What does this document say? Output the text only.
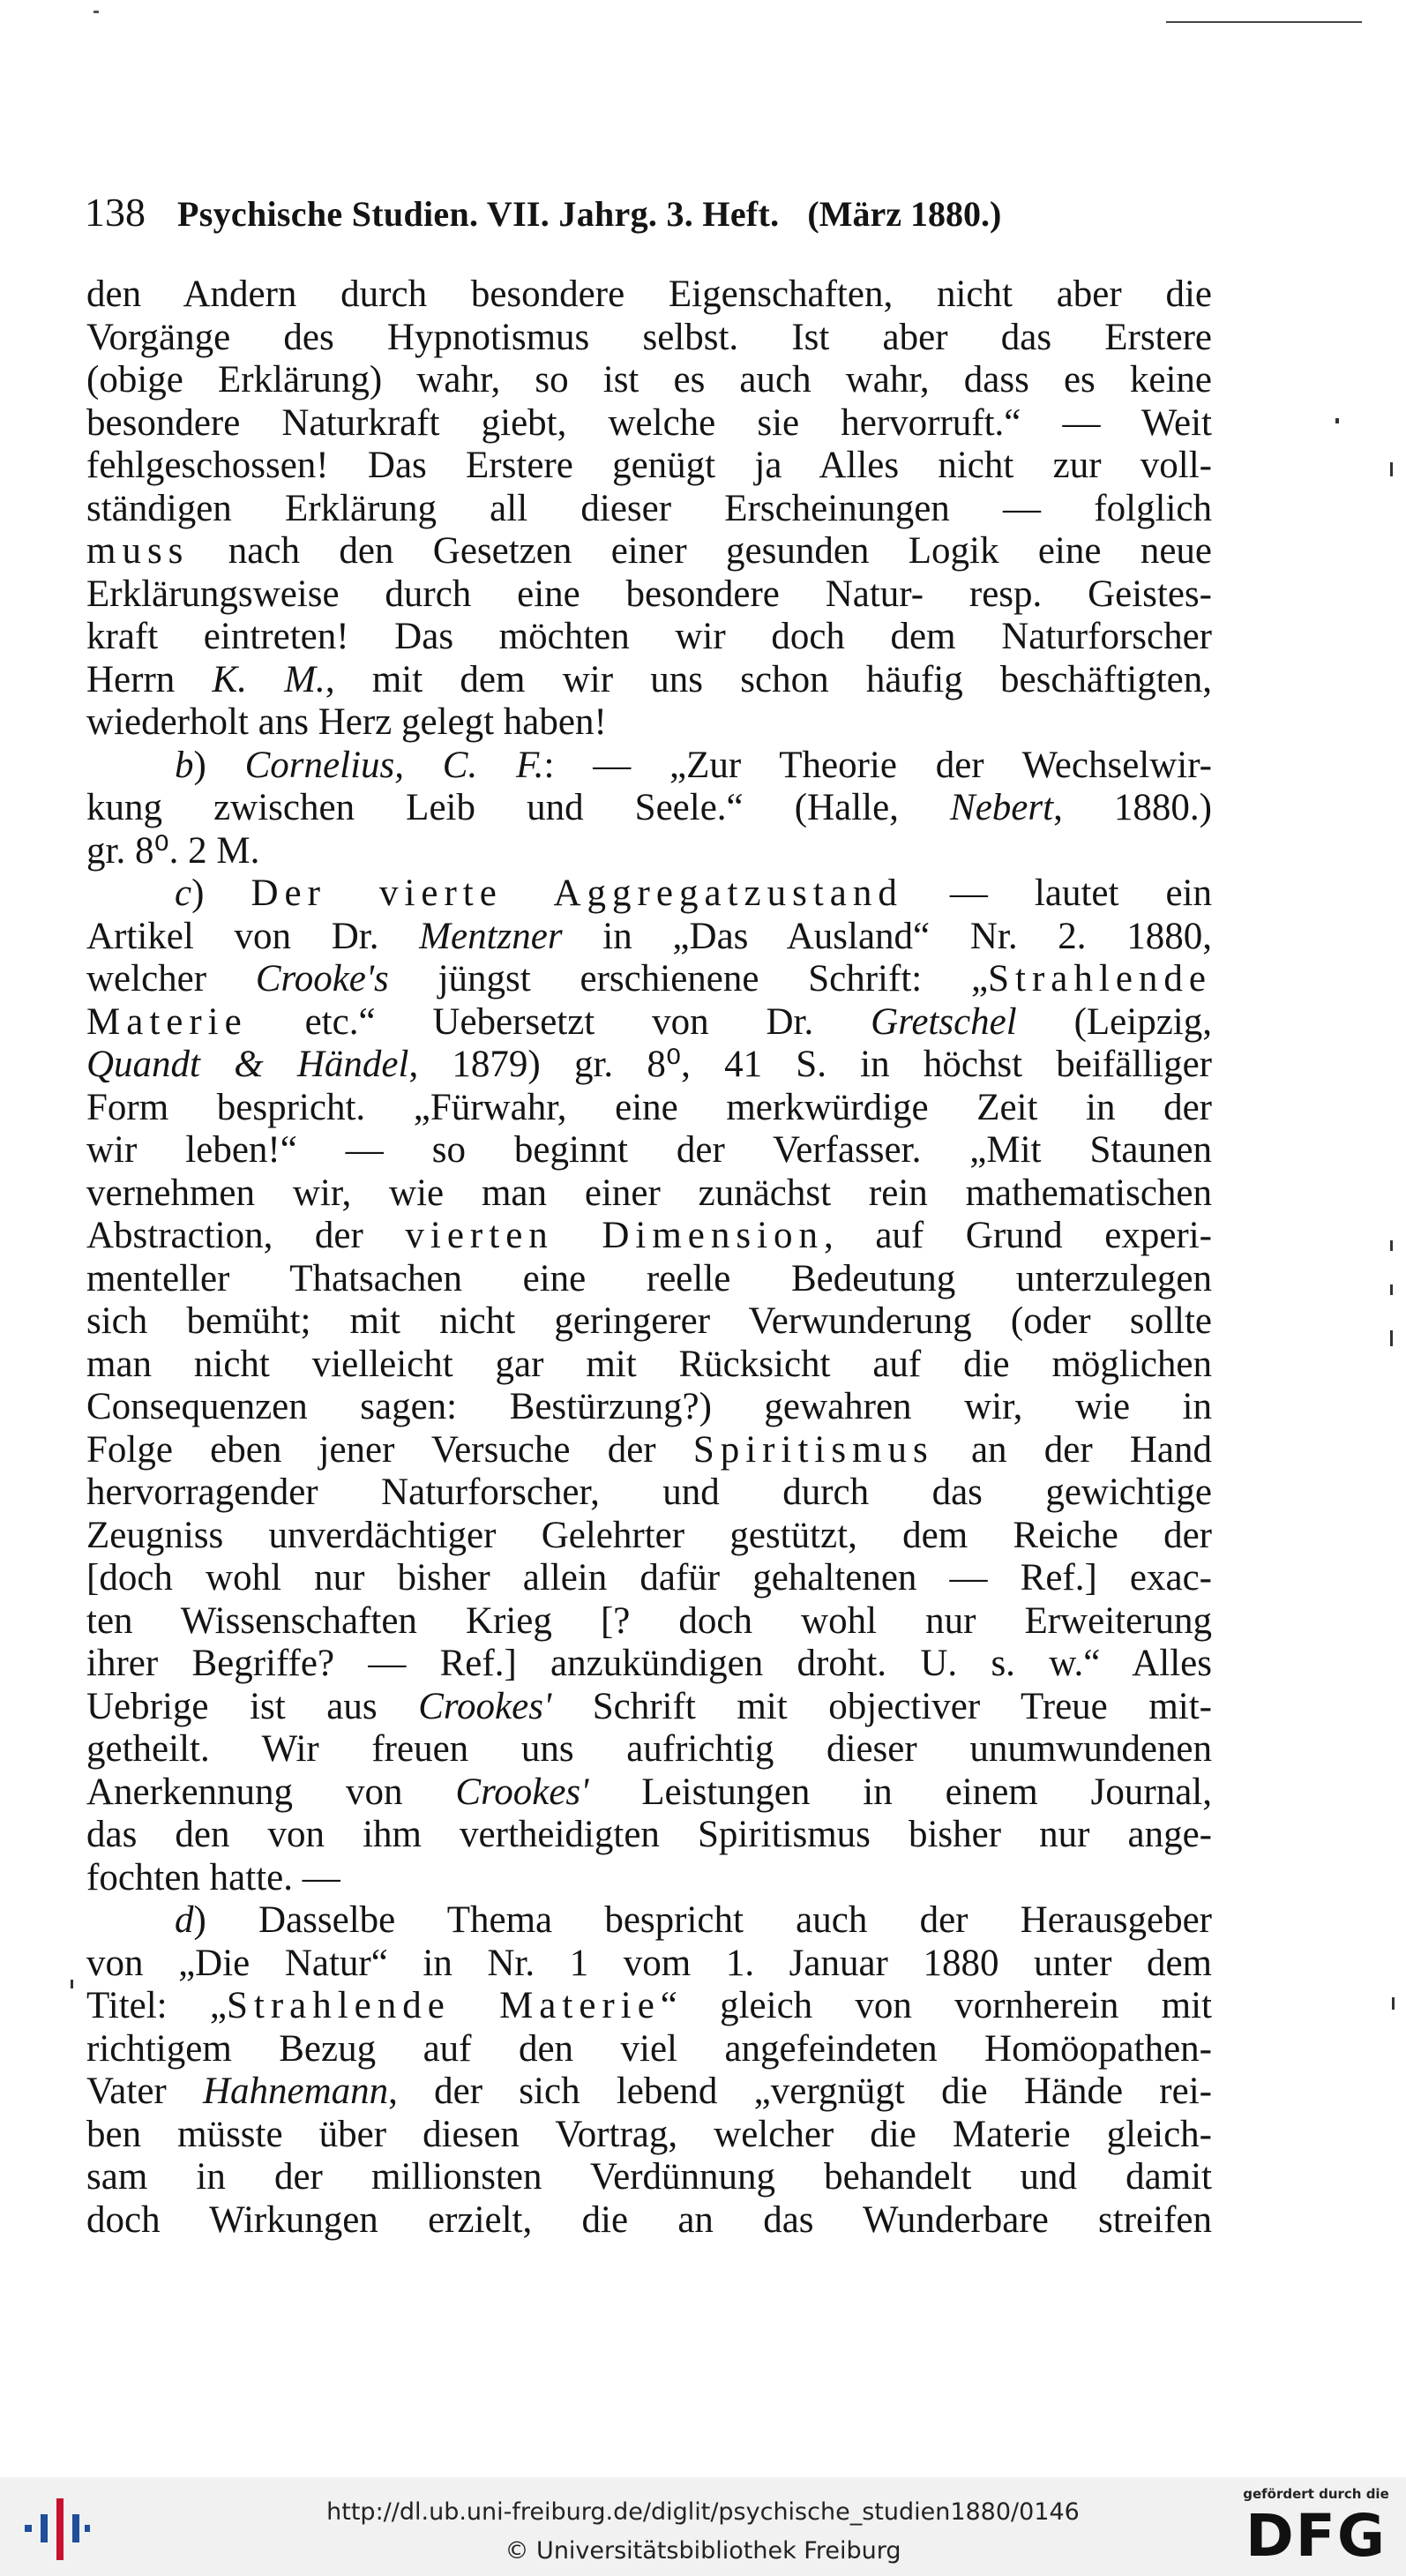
138 Psychische Studien. VII. Jahrg. 3. Heft. (März 1880.)
den Andern durch besondere Eigenschaften, nicht aber die
Vorgänge des Hypnotismus selbst. Ist aber das Erstere
(obige Erklärung) wahr, so ist es auch wahr, dass es keine
besondere Naturkraft giebt, welche sie hervorruft.“ — Weit
fehlgeschossen! Das Erstere genügt ja Alles nicht zur voll-
ständigen Erklärung all dieser Erscheinungen — folglich
muss nach den Gesetzen einer gesunden Logik eine neue
Erklärungsweise durch eine besondere Natur- resp. Geistes-
kraft eintreten! Das möchten wir doch dem Naturforscher
Herrn K. M., mit dem wir uns schon häufig beschäftigten,
wiederholt ans Herz gelegt haben!
b) Cornelius, C. F.: — „Zur Theorie der Wechselwir-
kung zwischen Leib und Seele.“ (Halle, Nebert, 1880.)
gr. 8⁰. 2 M.
c) Der vierte Aggregatzustand — lautet ein
Artikel von Dr. Mentzner in „Das Ausland“ Nr. 2. 1880,
welcher Crooke's jüngst erschienene Schrift: „Strahlende
Materie etc.“ Uebersetzt von Dr. Gretschel (Leipzig,
Quandt & Händel, 1879) gr. 8⁰, 41 S. in höchst beifälliger
Form bespricht. „Fürwahr, eine merkwürdige Zeit in der
wir leben!“ — so beginnt der Verfasser. „Mit Staunen
vernehmen wir, wie man einer zunächst rein mathematischen
Abstraction, der vierten Dimension, auf Grund experi-
menteller Thatsachen eine reelle Bedeutung unterzulegen
sich bemüht; mit nicht geringerer Verwunderung (oder sollte
man nicht vielleicht gar mit Rücksicht auf die möglichen
Consequenzen sagen: Bestürzung?) gewahren wir, wie in
Folge eben jener Versuche der Spiritismus an der Hand
hervorragender Naturforscher, und durch das gewichtige
Zeugniss unverdächtiger Gelehrter gestützt, dem Reiche der
[doch wohl nur bisher allein dafür gehaltenen — Ref.] exac-
ten Wissenschaften Krieg [? doch wohl nur Erweiterung
ihrer Begriffe? — Ref.] anzukündigen droht. U. s. w.“ Alles
Uebrige ist aus Crookes' Schrift mit objectiver Treue mit-
getheilt. Wir freuen uns aufrichtig dieser unumwundenen
Anerkennung von Crookes' Leistungen in einem Journal,
das den von ihm vertheidigten Spiritismus bisher nur ange-
fochten hatte. —
d) Dasselbe Thema bespricht auch der Herausgeber
von „Die Natur“ in Nr. 1 vom 1. Januar 1880 unter dem
Titel: „Strahlende Materie“ gleich von vornherein mit
richtigem Bezug auf den viel angefeindeten Homöopathen-
Vater Hahnemann, der sich lebend „vergnügt die Hände rei-
ben müsste über diesen Vortrag, welcher die Materie gleich-
sam in der millionsten Verdünnung behandelt und damit
doch Wirkungen erzielt, die an das Wunderbare streifen
http://dl.ub.uni-freiburg.de/diglit/psychische_studien1880/0146
© Universitätsbibliothek Freiburg
gefördert durch die
DFG
